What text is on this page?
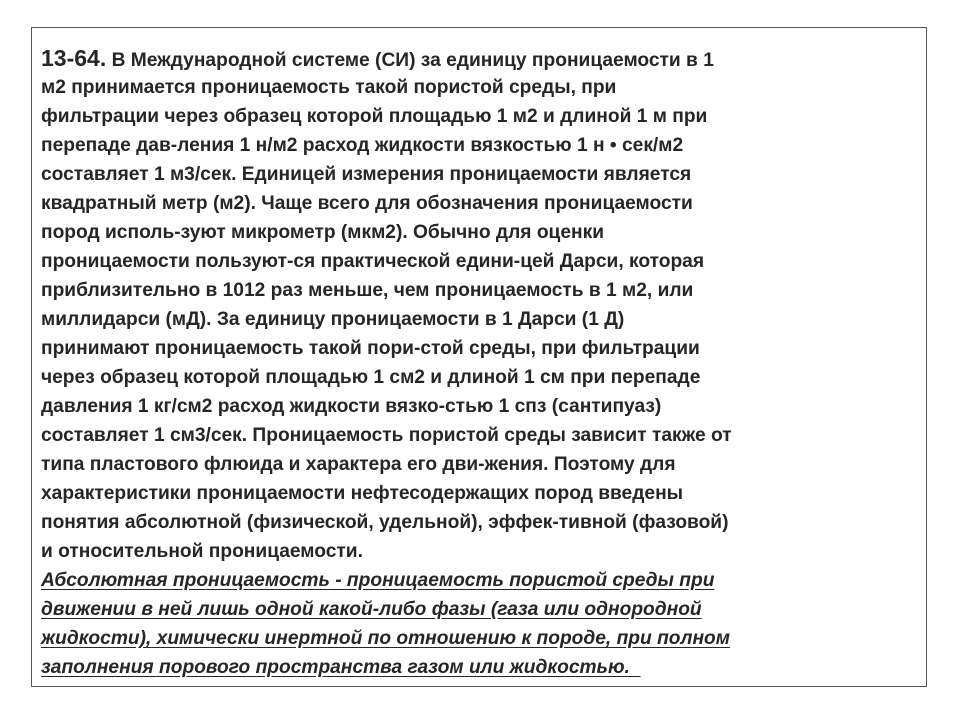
13-64. В Международной системе (СИ) за единицу проницаемости в 1
м2 принимается проницаемость такой пористой среды, при
фильтрации через образец которой площадью 1 м2 и длиной 1 м при
перепаде дав-ления 1 н/м2 расход жидкости вязкостью 1 н • сек/м2
составляет 1 м3/сек. Единицей измерения проницаемости является
квадратный метр (м2). Чаще всего для обозначения проницаемости
пород исполь-зуют микрометр (мкм2). Обычно для оценки
проницаемости пользуют-ся практической едини-цей Дарси, которая
приблизительно в 1012 раз меньше, чем проницаемость в 1 м2, или
миллидарси (мД). За единицу проницаемости в 1 Дарси (1 Д)
принимают проницаемость такой пори-стой среды, при фильтрации
через образец которой площадью 1 см2 и длиной 1 см при перепаде
давления 1 кг/см2 расход жидкости вязко-стью 1 спз (сантипуаз)
составляет 1 см3/сек. Проницаемость пористой среды зависит также от
типа пластового флюида и характера его дви-жения. Поэтому для
характеристики проницаемости нефтесодержащих пород введены
понятия абсолютной (физической, удельной), эффек-тивной (фазовой)
и относительной проницаемости.
Абсолютная проницаемость - проницаемость пористой среды при
движении в ней лишь одной какой-либо фазы (газа или однородной
жидкости), химически инертной по отношению к породе, при полном
заполнения порового пространства газом или жидкостью.
